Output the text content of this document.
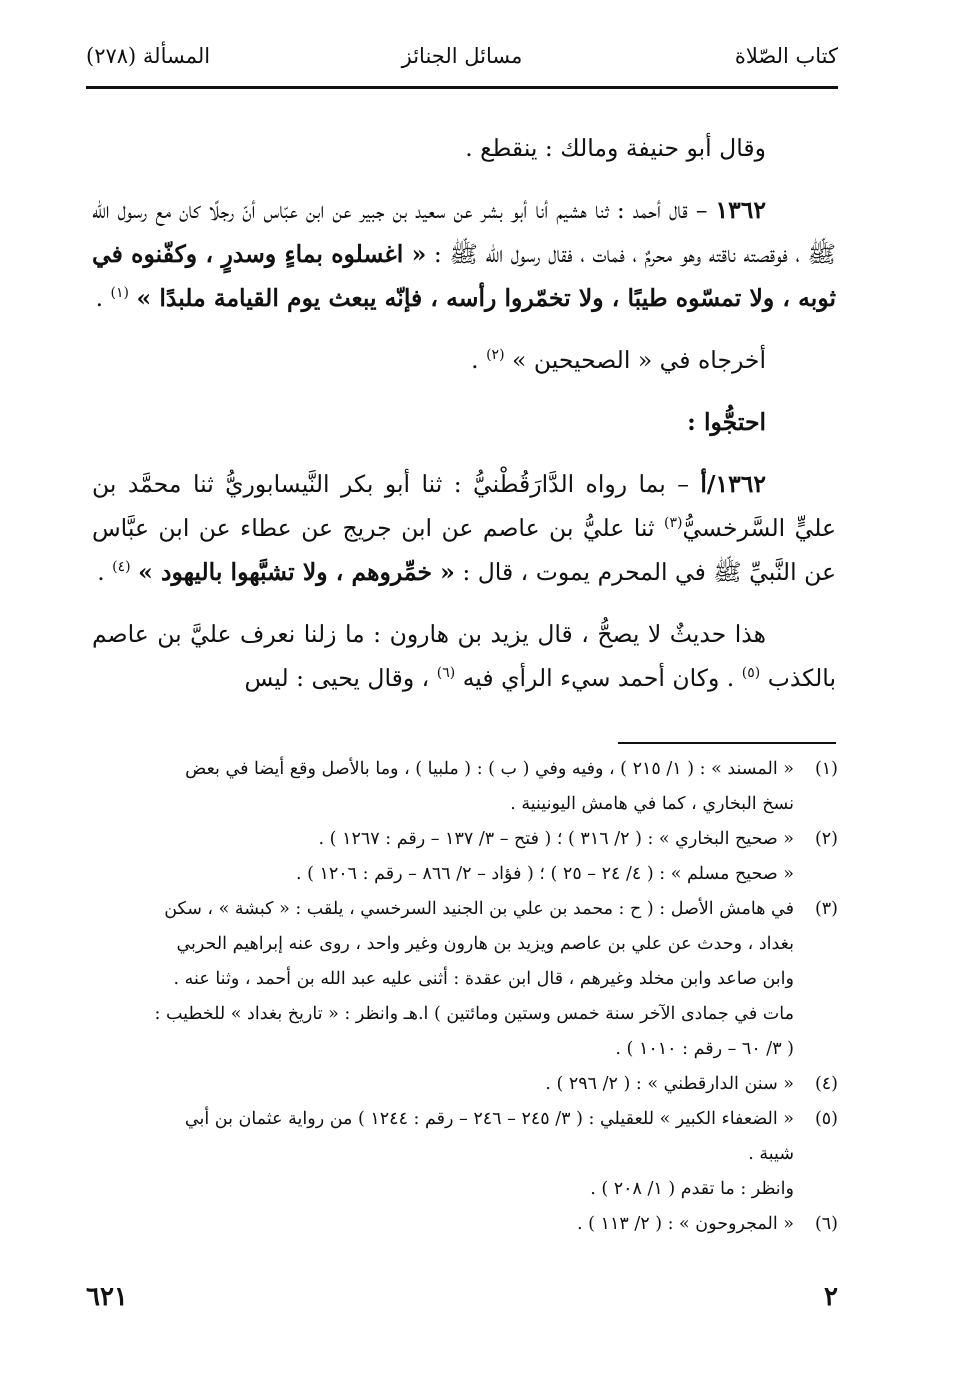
كتاب الصّلاة
مسائل الجنائز
المسألة (٢٧٨)

وقال أبو حنيفة ومالك : ينقطع .

١٣٦٢ – قال أحمد : ثنا هشيم أنا أبو بشر عن سعيد بن جبير عن ابن عبّاس أنّ رجلًا كان مع رسول الله ﷺ ، فوقصته ناقته وهو محرمٌ ، فمات ، فقال رسول الله ﷺ : « اغسلوه بماءٍ وسدرٍ ، وكفّنوه في ثوبه ، ولا تمسّوه طيبًا ، ولا تخمّروا رأسه ، فإنّه يبعث يوم القيامة ملبدًا » $^{(١)}$ .

أخرجاه في « الصحيحين » $^{(٢)}$ .

احتجُّوا :

١٣٦٢/أ – بما رواه الدَّارَقُطْنيُّ : ثنا أبو بكر النَّيسابوريُّ ثنا محمَّد بن عليٍّ السَّرخسيُّ$^{(٣)}$ ثنا عليُّ بن عاصم عن ابن جريج عن عطاء عن ابن عبَّاس عن النَّبيِّ ﷺ في المحرم يموت ، قال : « خمِّروهم ، ولا تشبَّهوا باليهود » $^{(٤)}$ .

هذا حديثٌ لا يصحُّ ، قال يزيد بن هارون : ما زلنا نعرف عليَّ بن عاصم بالكذب $^{(٥)}$ . وكان أحمد سيء الرأي فيه $^{(٦)}$ ، وقال يحيى : ليس

(١)
« المسند » : ( ١/ ٢١٥ ) ، وفيه وفي ( ب ) : ( ملبيا ) ، وما بالأصل وقع أيضا في بعض
نسخ البخاري ، كما في هامش اليونينية .
(٢)
« صحيح البخاري » : ( ٢/ ٣١٦ ) ؛ ( فتح – ٣/ ١٣٧ – رقم : ١٢٦٧ ) .
« صحيح مسلم » : ( ٤/ ٢٤ – ٢٥ ) ؛ ( فؤاد – ٢/ ٨٦٦ – رقم : ١٢٠٦ ) .
(٣)
في هامش الأصل : ( ح : محمد بن علي بن الجنيد السرخسي ، يلقب : « كبشة » ، سكن
بغداد ، وحدث عن علي بن عاصم ويزيد بن هارون وغير واحد ، روى عنه إبراهيم الحربي
وابن صاعد وابن مخلد وغيرهم ، قال ابن عقدة : أثنى عليه عبد الله بن أحمد ، وثنا عنه .
مات في جمادى الآخر سنة خمس وستين ومائتين ) ا.هـ وانظر : « تاريخ بغداد » للخطيب :
( ٣/ ٦٠ – رقم : ١٠١٠ ) .
(٤)
« سنن الدارقطني » : ( ٢/ ٢٩٦ ) .
(٥)
« الضعفاء الكبير » للعقيلي : ( ٣/ ٢٤٥ – ٢٤٦ – رقم : ١٢٤٤ ) من رواية عثمان بن أبي
شيبة .
وانظر : ما تقدم ( ١/ ٢٠٨ ) .
(٦)
« المجروحون » : ( ٢/ ١١٣ ) .
٦٢١	٢
